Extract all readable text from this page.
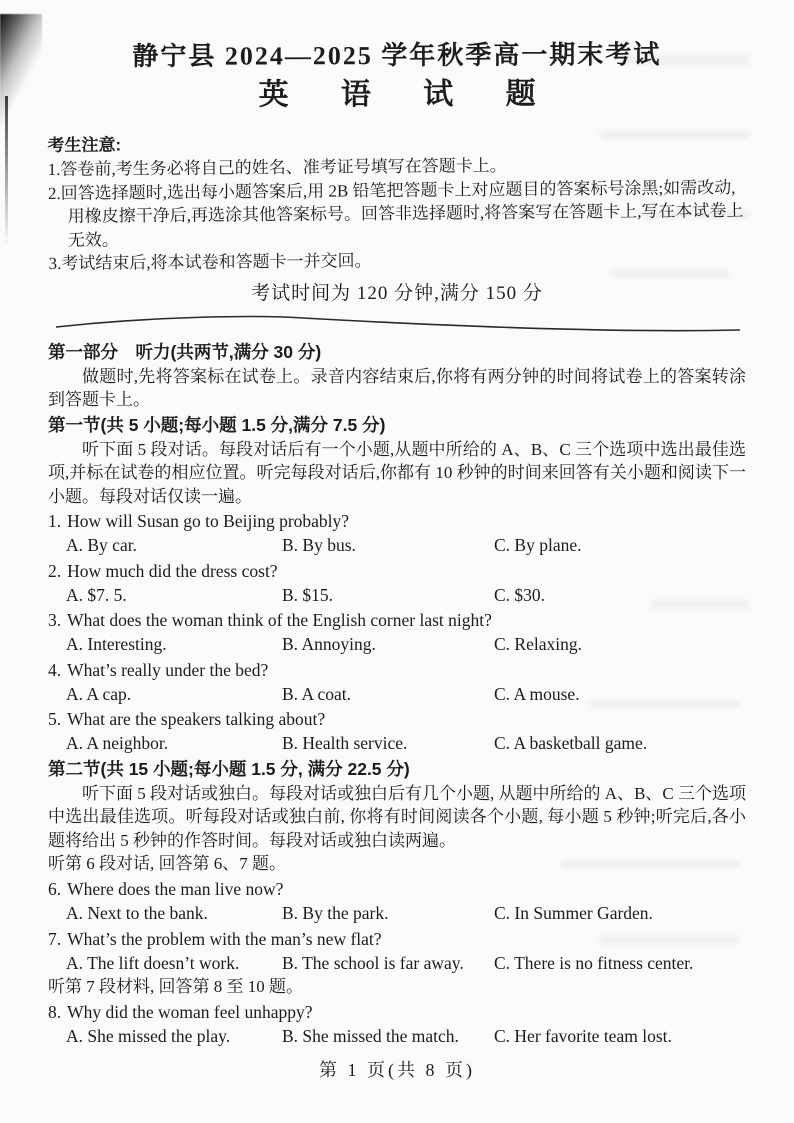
静宁县 2024—2025 学年秋季高一期末考试
英 语 试 题
考生注意:
1.答卷前,考生务必将自己的姓名、准考证号填写在答题卡上。
2.回答选择题时,选出每小题答案后,用 2B 铅笔把答题卡上对应题目的答案标号涂黑;如需改动,用橡皮擦干净后,再选涂其他答案标号。回答非选择题时,将答案写在答题卡上,写在本试卷上无效。
3.考试结束后,将本试卷和答题卡一并交回。
考试时间为 120 分钟,满分 150 分
第一部分　听力(共两节,满分 30 分)
做题时,先将答案标在试卷上。录音内容结束后,你将有两分钟的时间将试卷上的答案转涂到答题卡上。
第一节(共 5 小题;每小题 1.5 分,满分 7.5 分)
听下面 5 段对话。每段对话后有一个小题,从题中所给的 A、B、C 三个选项中选出最佳选项,并标在试卷的相应位置。听完每段对话后,你都有 10 秒钟的时间来回答有关小题和阅读下一小题。每段对话仅读一遍。
1. How will Susan go to Beijing probably?
A. By car.	B. By bus.	C. By plane.
2. How much did the dress cost?
A. $7. 5.	B. $15.	C. $30.
3. What does the woman think of the English corner last night?
A. Interesting.	B. Annoying.	C. Relaxing.
4. What’s really under the bed?
A. A cap.	B. A coat.	C. A mouse.
5. What are the speakers talking about?
A. A neighbor.	B. Health service.	C. A basketball game.
第二节(共 15 小题;每小题 1.5 分, 满分 22.5 分)
听下面 5 段对话或独白。每段对话或独白后有几个小题, 从题中所给的 A、B、C 三个选项中选出最佳选项。听每段对话或独白前, 你将有时间阅读各个小题, 每小题 5 秒钟;听完后,各小题将给出 5 秒钟的作答时间。每段对话或独白读两遍。
听第 6 段对话, 回答第 6、7 题。
6. Where does the man live now?
A. Next to the bank.	B. By the park.	C. In Summer Garden.
7. What’s the problem with the man’s new flat?
A. The lift doesn’t work.	B. The school is far away.	C. There is no fitness center.
听第 7 段材料, 回答第 8 至 10 题。
8. Why did the woman feel unhappy?
A. She missed the play.	B. She missed the match.	C. Her favorite team lost.
第 1 页(共 8 页)
